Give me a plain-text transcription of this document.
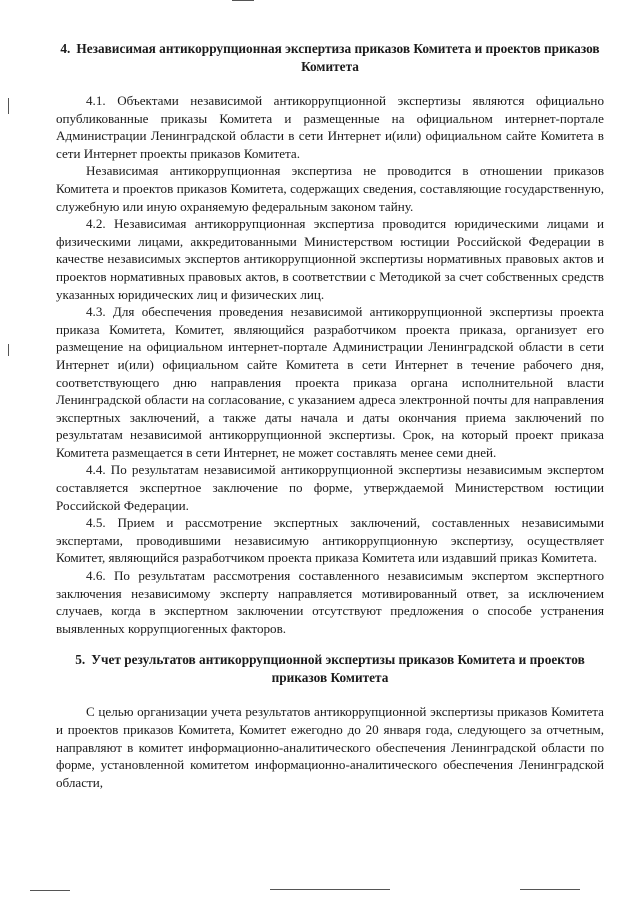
4. Независимая антикоррупционная экспертиза приказов Комитета и проектов приказов Комитета

4.1. Объектами независимой антикоррупционной экспертизы являются официально опубликованные приказы Комитета и размещенные на официальном интернет-портале Администрации Ленинградской области в сети Интернет и(или) официальном сайте Комитета в сети Интернет проекты приказов Комитета.

Независимая антикоррупционная экспертиза не проводится в отношении приказов Комитета и проектов приказов Комитета, содержащих сведения, составляющие государственную, служебную или иную охраняемую федеральным законом тайну.

4.2. Независимая антикоррупционная экспертиза проводится юридическими лицами и физическими лицами, аккредитованными Министерством юстиции Российской Федерации в качестве независимых экспертов антикоррупционной экспертизы нормативных правовых актов и проектов нормативных правовых актов, в соответствии с Методикой за счет собственных средств указанных юридических лиц и физических лиц.

4.3. Для обеспечения проведения независимой антикоррупционной экспертизы проекта приказа Комитета, Комитет, являющийся разработчиком проекта приказа, организует его размещение на официальном интернет-портале Администрации Ленинградской области в сети Интернет и(или) официальном сайте Комитета в сети Интернет в течение рабочего дня, соответствующего дню направления проекта приказа органа исполнительной власти Ленинградской области на согласование, с указанием адреса электронной почты для направления экспертных заключений, а также даты начала и даты окончания приема заключений по результатам независимой антикоррупционной экспертизы. Срок, на который проект приказа Комитета размещается в сети Интернет, не может составлять менее семи дней.

4.4. По результатам независимой антикоррупционной экспертизы независимым экспертом составляется экспертное заключение по форме, утверждаемой Министерством юстиции Российской Федерации.

4.5. Прием и рассмотрение экспертных заключений, составленных независимыми экспертами, проводившими независимую антикоррупционную экспертизу, осуществляет Комитет, являющийся разработчиком проекта приказа Комитета или издавший приказ Комитета.

4.6. По результатам рассмотрения составленного независимым экспертом экспертного заключения независимому эксперту направляется мотивированный ответ, за исключением случаев, когда в экспертном заключении отсутствуют предложения о способе устранения выявленных коррупциогенных факторов.

5. Учет результатов антикоррупционной экспертизы приказов Комитета и проектов приказов Комитета

С целью организации учета результатов антикоррупционной экспертизы приказов Комитета и проектов приказов Комитета, Комитет ежегодно до 20 января года, следующего за отчетным, направляют в комитет информационно-аналитического обеспечения Ленинградской области по форме, установленной комитетом информационно-аналитического обеспечения Ленинградской области,
